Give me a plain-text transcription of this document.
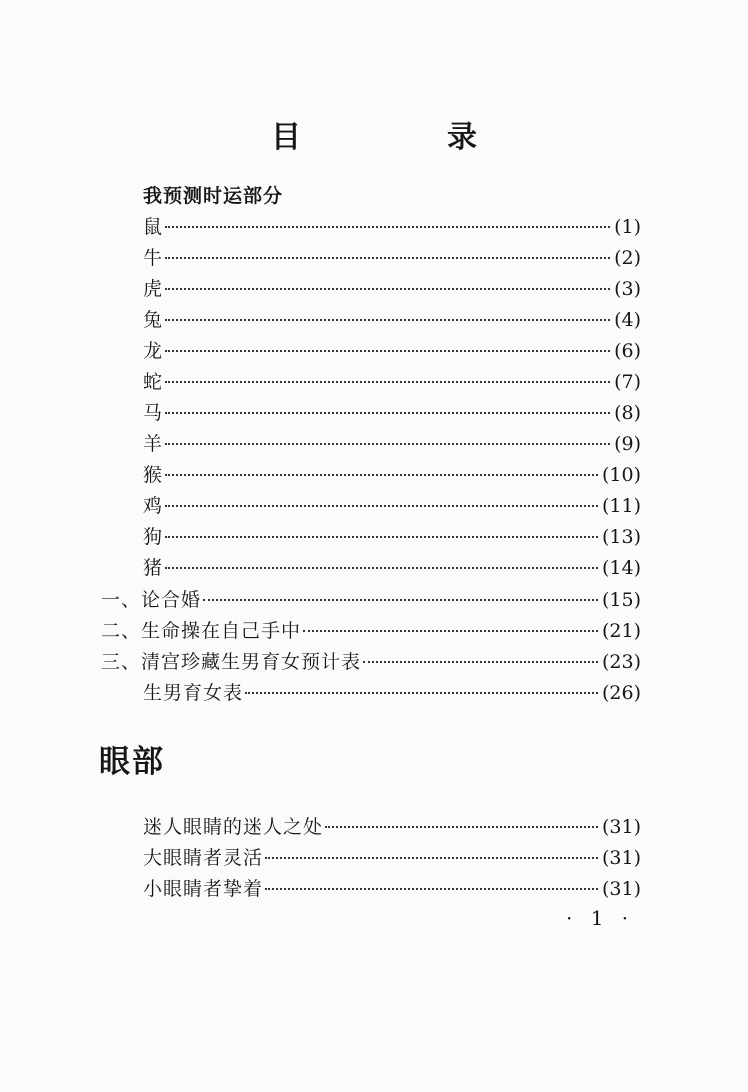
目　录
我预测时运部分
鼠	(1)
牛	(2)
虎	(3)
兔	(4)
龙	(6)
蛇	(7)
马	(8)
羊	(9)
猴	(10)
鸡	(11)
狗	(13)
猪	(14)
一、论合婚	(15)
二、生命操在自己手中	(21)
三、清宫珍藏生男育女预计表	(23)
生男育女表	(26)
眼部
迷人眼睛的迷人之处	(31)
大眼睛者灵活	(31)
小眼睛者挚着	(31)
· 1 ·
